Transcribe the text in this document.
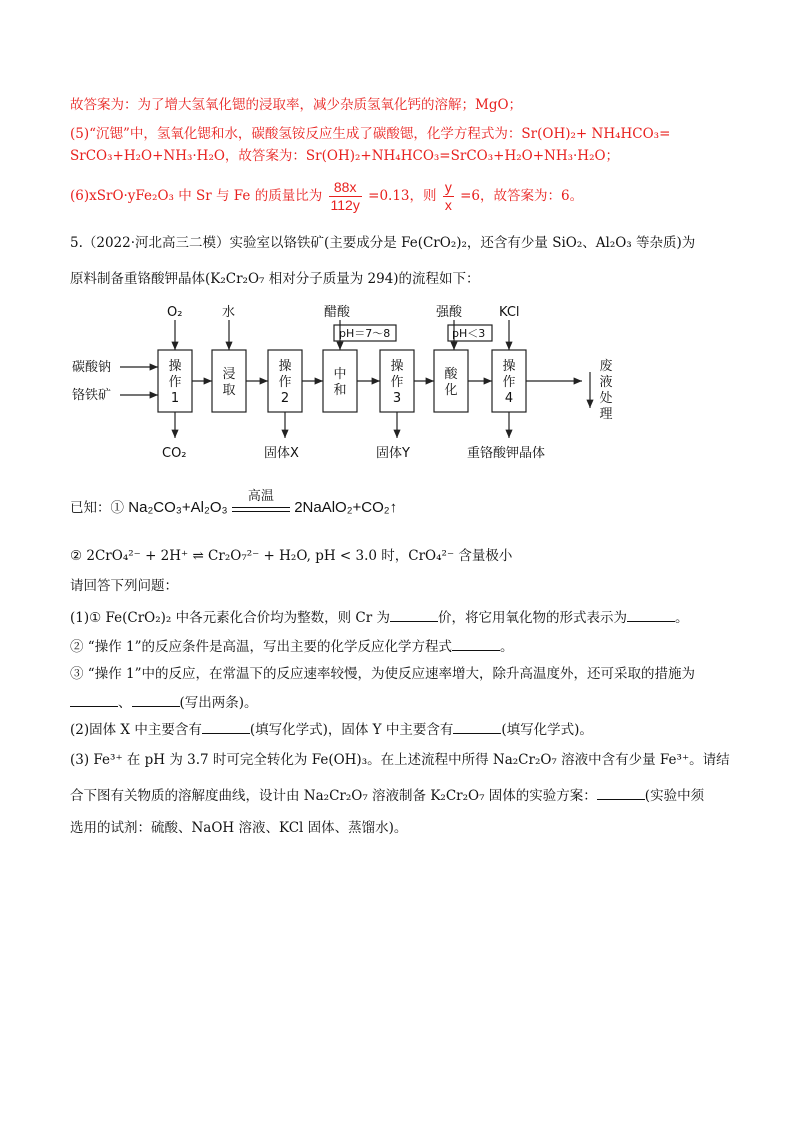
故答案为：为了增大氢氧化锶的浸取率，减少杂质氢氧化钙的溶解；MgO；
(5)“沉锶”中，氢氧化锶和水，碳酸氢铵反应生成了碳酸锶，化学方程式为：Sr(OH)₂+ NH₄HCO₃=
SrCO₃+H₂O+NH₃·H₂O，故答案为：Sr(OH)₂+NH₄HCO₃=SrCO₃+H₂O+NH₃·H₂O；
(6)xSrO·yFe₂O₃ 中 Sr 与 Fe 的质量比为 $\frac{88x}{112y} =0.13$，则 $\frac{y}{x} =6$，故答案为：6。
5.（2022·河北高三二模）实验室以铬铁矿(主要成分是 Fe(CrO₂)₂，还含有少量 SiO₂、Al₂O₃ 等杂质)为
原料制备重铬酸钾晶体(K₂Cr₂O₇ 相对分子质量为 294)的流程如下：
O₂	水	醋酸	强酸	KCl
pH＝7～8	pH＜3
碳酸钠
铬铁矿
CO₂	固体X	固体Y	重铬酸钾晶体
操
作
1
浸
取
操
作
2
中
和
操
作
3
酸
化
操
作
4
废
液
处
理
已知：① Na₂CO₃+Al₂O₃
高温
2NaAlO₂+CO₂↑
② 2CrO₄²⁻ + 2H⁺ ⇌ Cr₂O₇²⁻ + H₂O, pH < 3.0 时，CrO₄²⁻ 含量极小
请回答下列问题：
(1)① Fe(CrO₂)₂ 中各元素化合价均为整数，则 Cr 为	价，将它用氧化物的形式表示为	。
② “操作 1”的反应条件是高温，写出主要的化学反应化学方程式	。
③ “操作 1”中的反应，在常温下的反应速率较慢，为使反应速率增大，除升高温度外，还可采取的措施为
、	(写出两条)。
(2)固体 X 中主要含有	(填写化学式)，固体 Y 中主要含有	(填写化学式)。
(3) Fe³⁺ 在 pH 为 3.7 时可完全转化为 Fe(OH)₃。在上述流程中所得 Na₂Cr₂O₇ 溶液中含有少量 Fe³⁺。请结
合下图有关物质的溶解度曲线，设计由 Na₂Cr₂O₇ 溶液制备 K₂Cr₂O₇ 固体的实验方案：	(实验中须
选用的试剂：硫酸、NaOH 溶液、KCl 固体、蒸馏水)。
